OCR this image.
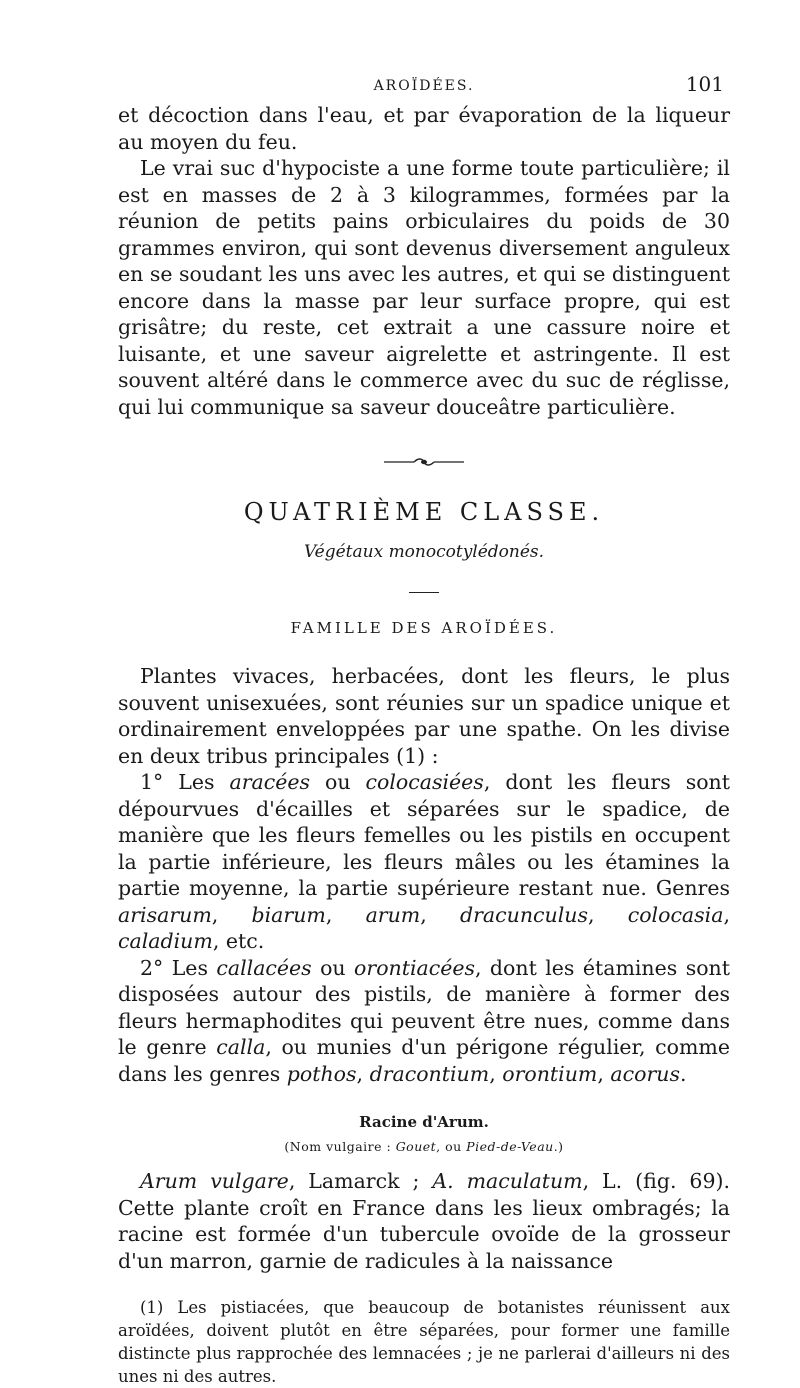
AROÏDÉES.	101

et décoction dans l'eau, et par évaporation de la liqueur au moyen du feu.

Le vrai suc d'hypociste a une forme toute particulière; il est en masses de 2 à 3 kilogrammes, formées par la réunion de petits pains orbiculaires du poids de 30 grammes environ, qui sont devenus diversement anguleux en se soudant les uns avec les autres, et qui se distinguent encore dans la masse par leur surface propre, qui est grisâtre; du reste, cet extrait a une cassure noire et luisante, et une saveur aigrelette et astringente. Il est souvent altéré dans le commerce avec du suc de réglisse, qui lui communique sa saveur douceâtre particulière.

QUATRIÈME CLASSE.
Végétaux monocotylédonés.
FAMILLE DES AROÏDÉES.

Plantes vivaces, herbacées, dont les fleurs, le plus souvent unisexuées, sont réunies sur un spadice unique et ordinairement enveloppées par une spathe. On les divise en deux tribus principales (1) :

1° Les aracées ou colocasiées, dont les fleurs sont dépourvues d'écailles et séparées sur le spadice, de manière que les fleurs femelles ou les pistils en occupent la partie inférieure, les fleurs mâles ou les étamines la partie moyenne, la partie supérieure restant nue. Genres arisarum, biarum, arum, dracunculus, colocasia, caladium, etc.

2° Les callacées ou orontiacées, dont les étamines sont disposées autour des pistils, de manière à former des fleurs hermaphodites qui peuvent être nues, comme dans le genre calla, ou munies d'un périgone régulier, comme dans les genres pothos, dracontium, orontium, acorus.

Racine d'Arum.
(Nom vulgaire : Gouet, ou Pied-de-Veau.)

Arum vulgare, Lamarck ; A. maculatum, L. (fig. 69). Cette plante croît en France dans les lieux ombragés; la racine est formée d'un tubercule ovoïde de la grosseur d'un marron, garnie de radicules à la naissance

(1) Les pistiacées, que beaucoup de botanistes réunissent aux aroïdées, doivent plutôt en être séparées, pour former une famille distincte plus rapprochée des lemnacées ; je ne parlerai d'ailleurs ni des unes ni des autres.
